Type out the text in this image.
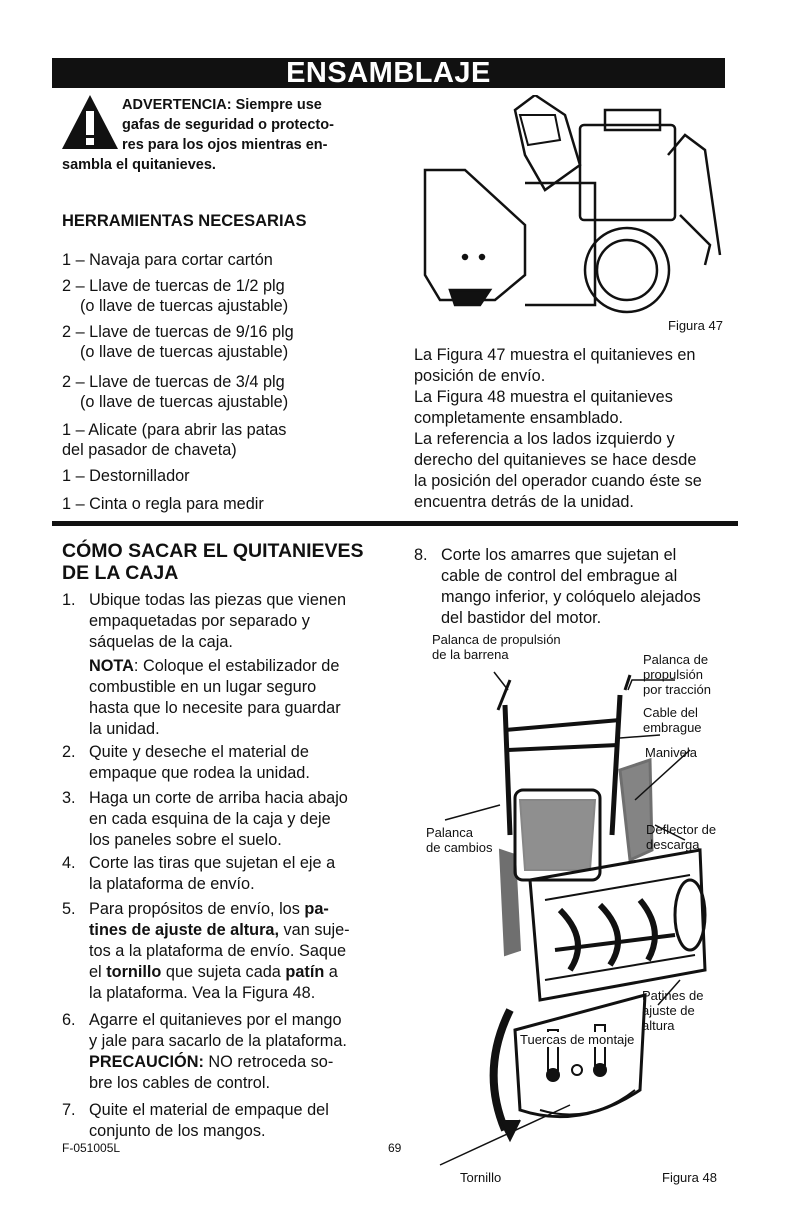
ENSAMBLAJE
ADVERTENCIA: Siempre use
gafas de seguridad o protecto-
res para los ojos mientras en-
sambla el quitanieves.
HERRAMIENTAS NECESARIAS
1 – Navaja para cortar cartón
2 – Llave de tuercas de 1/2 plg
(o llave de tuercas ajustable)
2 – Llave de tuercas de 9/16 plg
(o llave de tuercas ajustable)
2 – Llave de tuercas de 3/4 plg
(o llave de tuercas ajustable)
1 – Alicate (para abrir las patas
del pasador de chaveta)
1 – Destornillador
1 – Cinta o regla para medir
Figura 47
La Figura 47 muestra el quitanieves en
posición de envío.
La Figura 48 muestra el quitanieves
completamente ensamblado.
La referencia a los lados izquierdo y
derecho del quitanieves se hace desde
la posición del operador cuando éste se
encuentra detrás de la unidad.
CÓMO SACAR EL QUITANIEVES
DE LA CAJA
1. Ubique todas las piezas que vienen
empaquetadas por separado y
sáquelas de la caja.
NOTA: Coloque el estabilizador de
combustible en un lugar seguro
hasta que lo necesite para guardar
la unidad.
2. Quite y deseche el material de
empaque que rodea la unidad.
3. Haga un corte de arriba hacia abajo
en cada esquina de la caja y deje
los paneles sobre el suelo.
4. Corte las tiras que sujetan el eje a
la plataforma de envío.
5. Para propósitos de envío, los pa-
tines de ajuste de altura, van suje-
tos a la plataforma de envío. Saque
el tornillo que sujeta cada patín a
la plataforma. Vea la Figura 48.
6. Agarre el quitanieves por el mango
y jale para sacarlo de la plataforma.
PRECAUCIÓN: NO retroceda so-
bre los cables de control.
7. Quite el material de empaque del
conjunto de los mangos.
8. Corte los amarres que sujetan el
cable de control del embrague al
mango inferior, y colóquelo alejados
del bastidor del motor.
Palanca de propulsión
de la barrena	Palanca de
propulsión
por tracción
Cable del
embrague
Manivela
Palanca
de cambios
Deflector de
descarga
Patines de
ajuste de
altura
Tuercas de montaje
Tornillo	Figura 48
F-051005L	69
